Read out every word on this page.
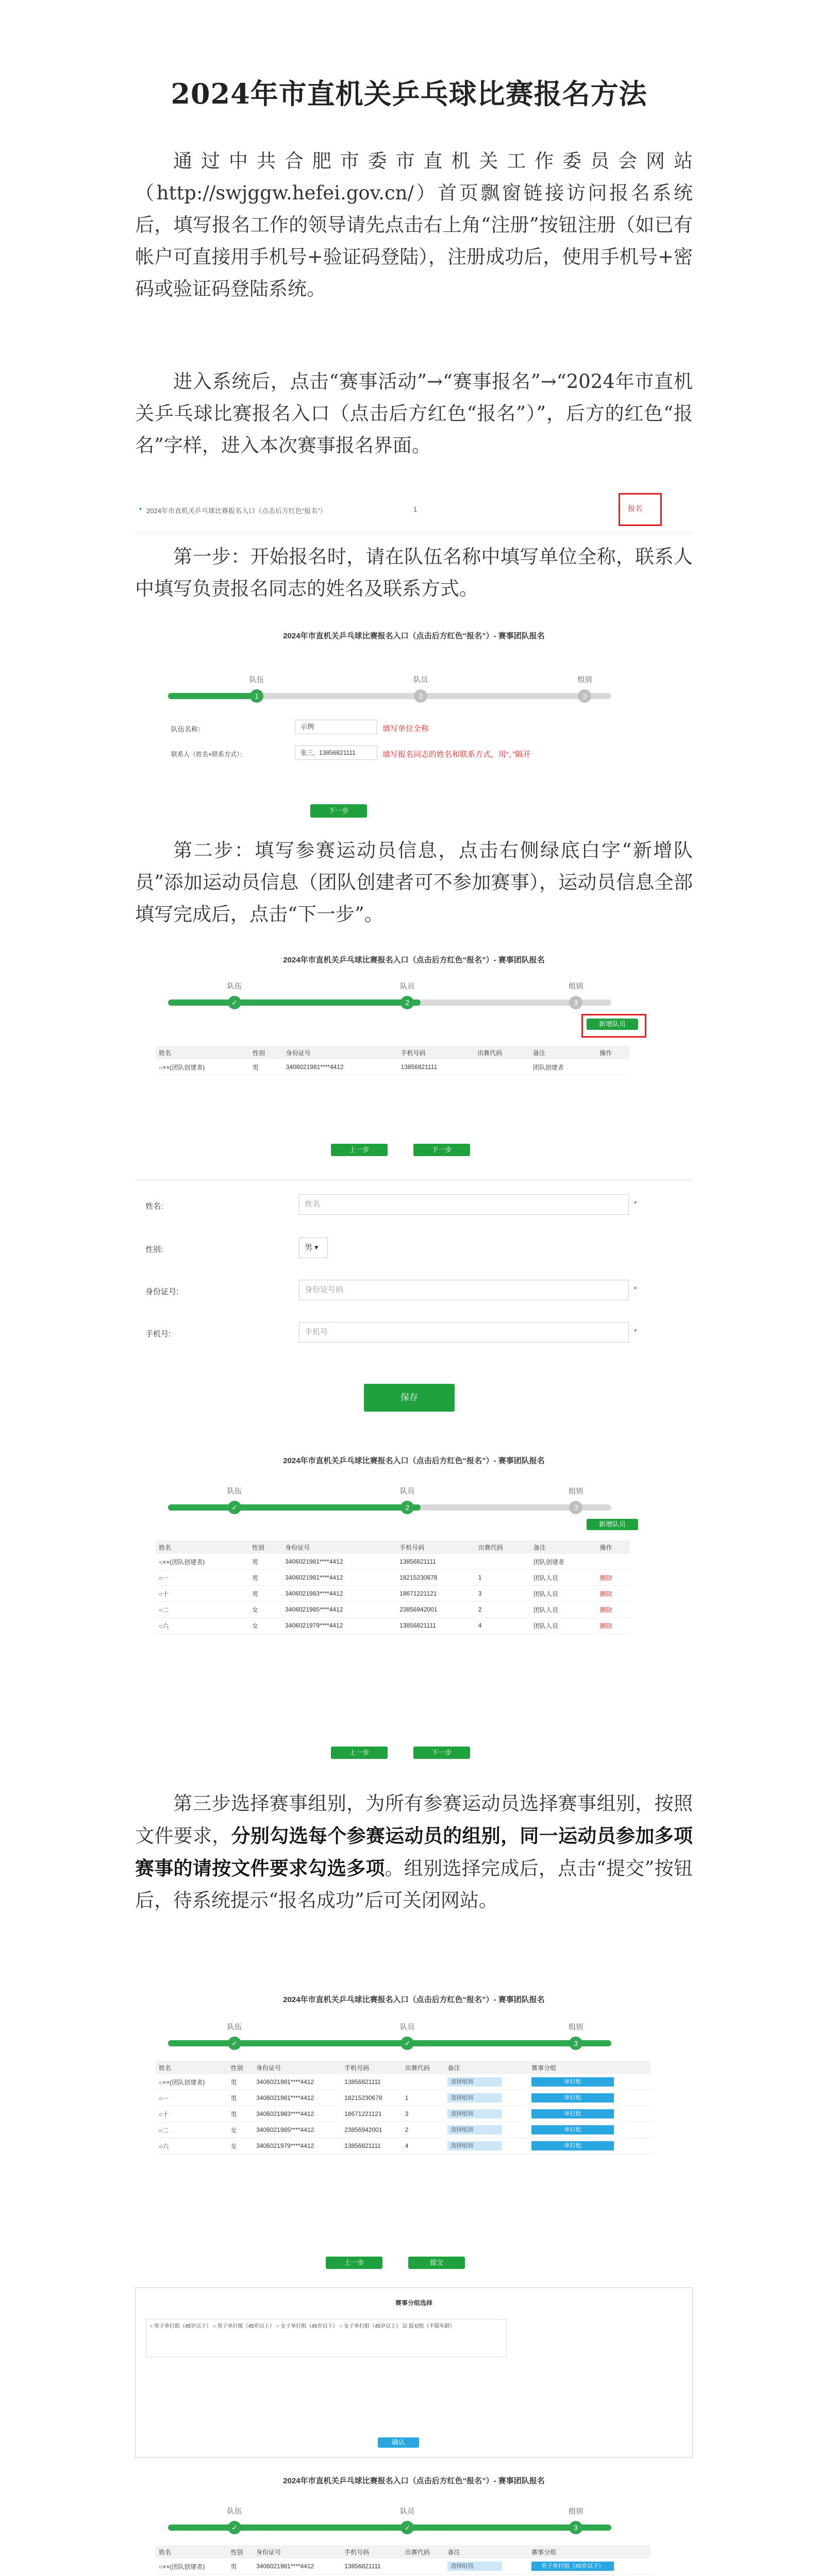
2024年市直机关乒乓球比赛报名方法

通过中共合肥市委市直机关工作委员会网站（http://swjggw.hefei.gov.cn/）首页飘窗链接访问报名系统后，填写报名工作的领导请先点击右上角“注册”按钮注册（如已有帐户可直接用手机号+验证码登陆），注册成功后，使用手机号+密码或验证码登陆系统。

进入系统后，点击“赛事活动”→“赛事报名”→“2024年市直机关乒乓球比赛报名入口（点击后方红色“报名”）”，后方的红色“报名”字样，进入本次赛事报名界面。

• 2024年市直机关乒乓球比赛报名入口（点击后方红色“报名”）	1	报名

第一步：开始报名时，请在队伍名称中填写单位全称，联系人中填写负责报名同志的姓名及联系方式。

2024年市直机关乒乓球比赛报名入口（点击后方红色“报名”）- 赛事团队报名
队伍
1
队员
2
组别
3
队伍名称：	示例	填写单位全称
联系人（姓名+联系方式）：	张三，13856821111	填写报名同志的姓名和联系方式，用“，”隔开
下一步

第二步：填写参赛运动员信息，点击右侧绿底白字“新增队员”添加运动员信息（团队创建者可不参加赛事），运动员信息全部填写完成后，点击“下一步”。

2024年市直机关乒乓球比赛报名入口（点击后方红色“报名”）- 赛事团队报名
队伍
✓
队员
2
组别
3
新增队员
姓名	性别	身份证号	手机号码	出赛代码	备注	操作
○××(团队创建者)	男	3406021981****4412	13856821111		团队创建者	
上一步	下一步
姓名:	姓名	*
性别:	男 ▾
身份证号:	身份证号码	*
手机号:	手机号	*
保存
2024年市直机关乒乓球比赛报名入口（点击后方红色“报名”）- 赛事团队报名
队伍
✓
队员
2
组别
3
新增队员
姓名	性别	身份证号	手机号码	出赛代码	备注	操作
○××(团队创建者)	男	3406021981****4412	13856821111		团队创建者	
○一	男	3406021981****4412	18215230678	1	团队人员	删除
○十	男	3406021983****4412	18671221121	3	团队人员	删除
○二	女	3406021985****4412	23856942001	2	团队人员	删除
○六	女	3406021979****4412	13856821111	4	团队人员	删除
上一步	下一步

第三步选择赛事组别，为所有参赛运动员选择赛事组别，按照文件要求，分别勾选每个参赛运动员的组别，同一运动员参加多项赛事的请按文件要求勾选多项。组别选择完成后，点击“提交”按钮后，待系统提示“报名成功”后可关闭网站。

2024年市直机关乒乓球比赛报名入口（点击后方红色“报名”）- 赛事团队报名
队伍
✓
队员
✓
组别
3
姓名	性别	身份证号	手机号码	出赛代码	备注	赛事分组
○××(团队创建者)	男	3406021981****4412	13856821111		选择组别	单打组
○一	男	3406021981****4412	18215230678	1	选择组别	单打组
○十	男	3406021983****4412	18671221121	3	选择组别	单打组
○二	女	3406021985****4412	23856942001	2	选择组别	单打组
○六	女	3406021979****4412	13856821111	4	选择组别	单打组
上一步	提交
赛事分组选择
○ 男子单打组（45岁以下） ○ 男子单打组（45岁以上） ○ 女子单打组（45岁以下） ○ 女子单打组（45岁以上） ☑ 混双组（不限年龄）
确认
2024年市直机关乒乓球比赛报名入口（点击后方红色“报名”）- 赛事团队报名
队伍
✓
队员
✓
组别
3
姓名	性别	身份证号	手机号码	出赛代码	备注	赛事分组
○××(团队创建者)	男	3406021981****4412	13856821111		选择组别	男子单打组（45岁以下）
